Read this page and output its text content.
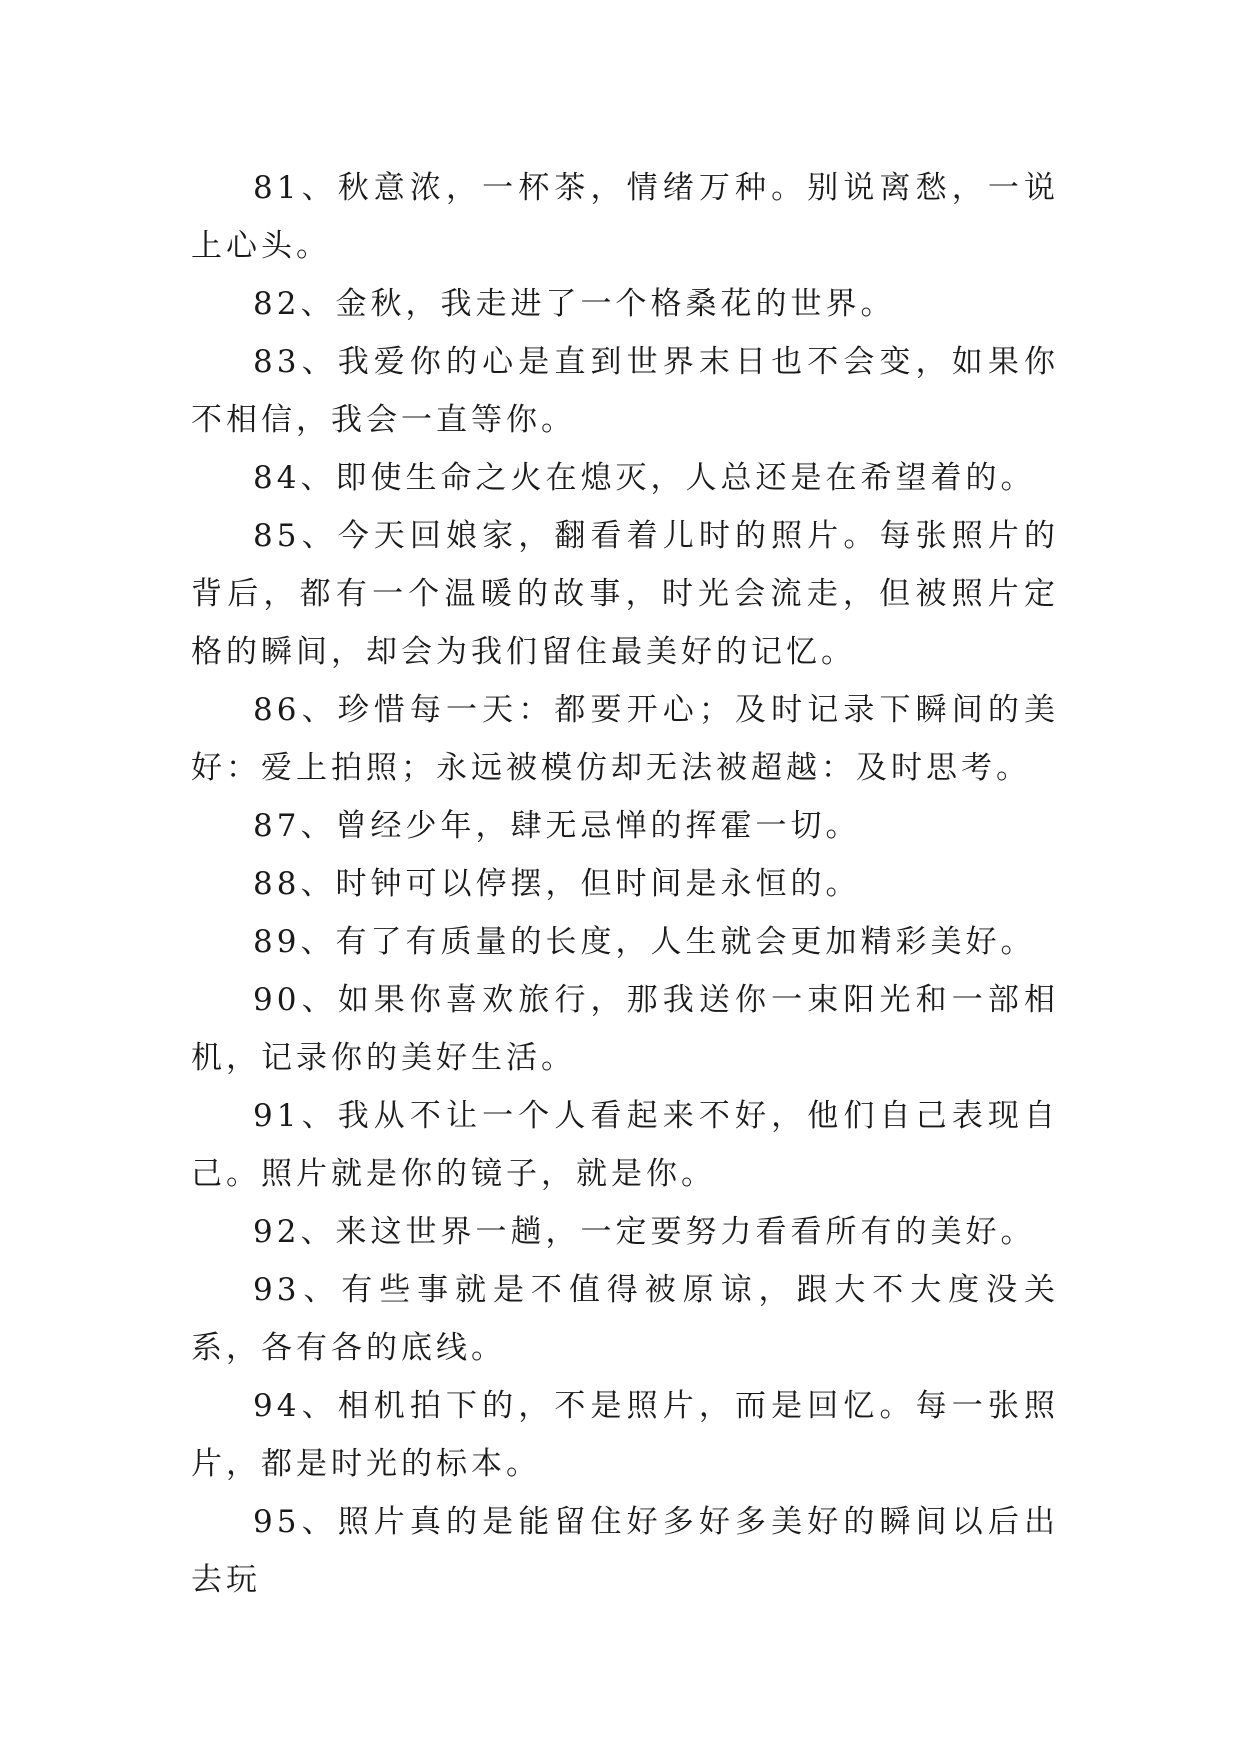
81、秋意浓，一杯茶，情绪万种。别说离愁，一说上心头。

82、金秋，我走进了一个格桑花的世界。

83、我爱你的心是直到世界末日也不会变，如果你不相信，我会一直等你。

84、即使生命之火在熄灭，人总还是在希望着的。

85、今天回娘家，翻看着儿时的照片。每张照片的背后，都有一个温暖的故事，时光会流走，但被照片定格的瞬间，却会为我们留住最美好的记忆。

86、珍惜每一天：都要开心；及时记录下瞬间的美好：爱上拍照；永远被模仿却无法被超越：及时思考。

87、曾经少年，肆无忌惮的挥霍一切。

88、时钟可以停摆，但时间是永恒的。

89、有了有质量的长度，人生就会更加精彩美好。

90、如果你喜欢旅行，那我送你一束阳光和一部相机，记录你的美好生活。

91、我从不让一个人看起来不好，他们自己表现自己。照片就是你的镜子，就是你。

92、来这世界一趟，一定要努力看看所有的美好。

93、有些事就是不值得被原谅，跟大不大度没关系，各有各的底线。

94、相机拍下的，不是照片，而是回忆。每一张照片，都是时光的标本。

95、照片真的是能留住好多好多美好的瞬间以后出去玩
